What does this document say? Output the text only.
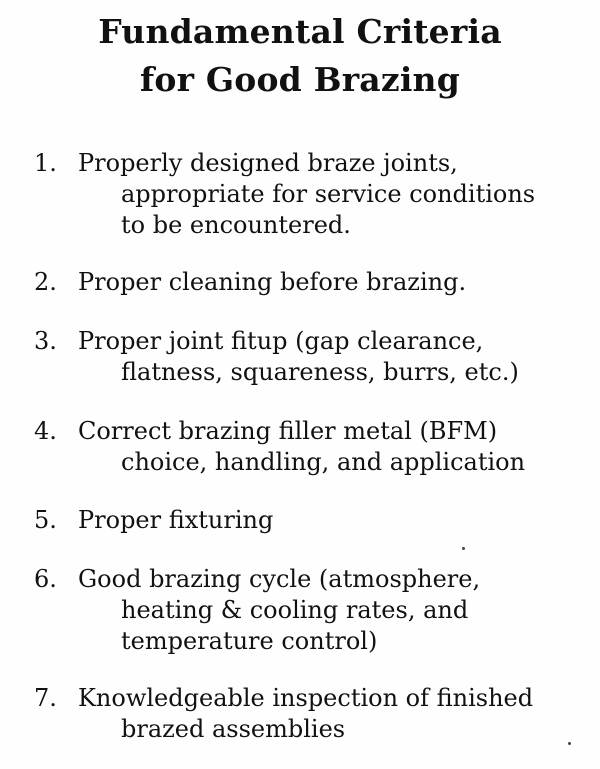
Fundamental Criteria
for Good Brazing
1. Properly designed braze joints,
appropriate for service conditions
to be encountered.
2. Proper cleaning before brazing.
3. Proper joint fitup (gap clearance,
flatness, squareness, burrs, etc.)
4. Correct brazing filler metal (BFM)
choice, handling, and application
5. Proper fixturing
6. Good brazing cycle (atmosphere,
heating & cooling rates, and
temperature control)
7. Knowledgeable inspection of finished
brazed assemblies
